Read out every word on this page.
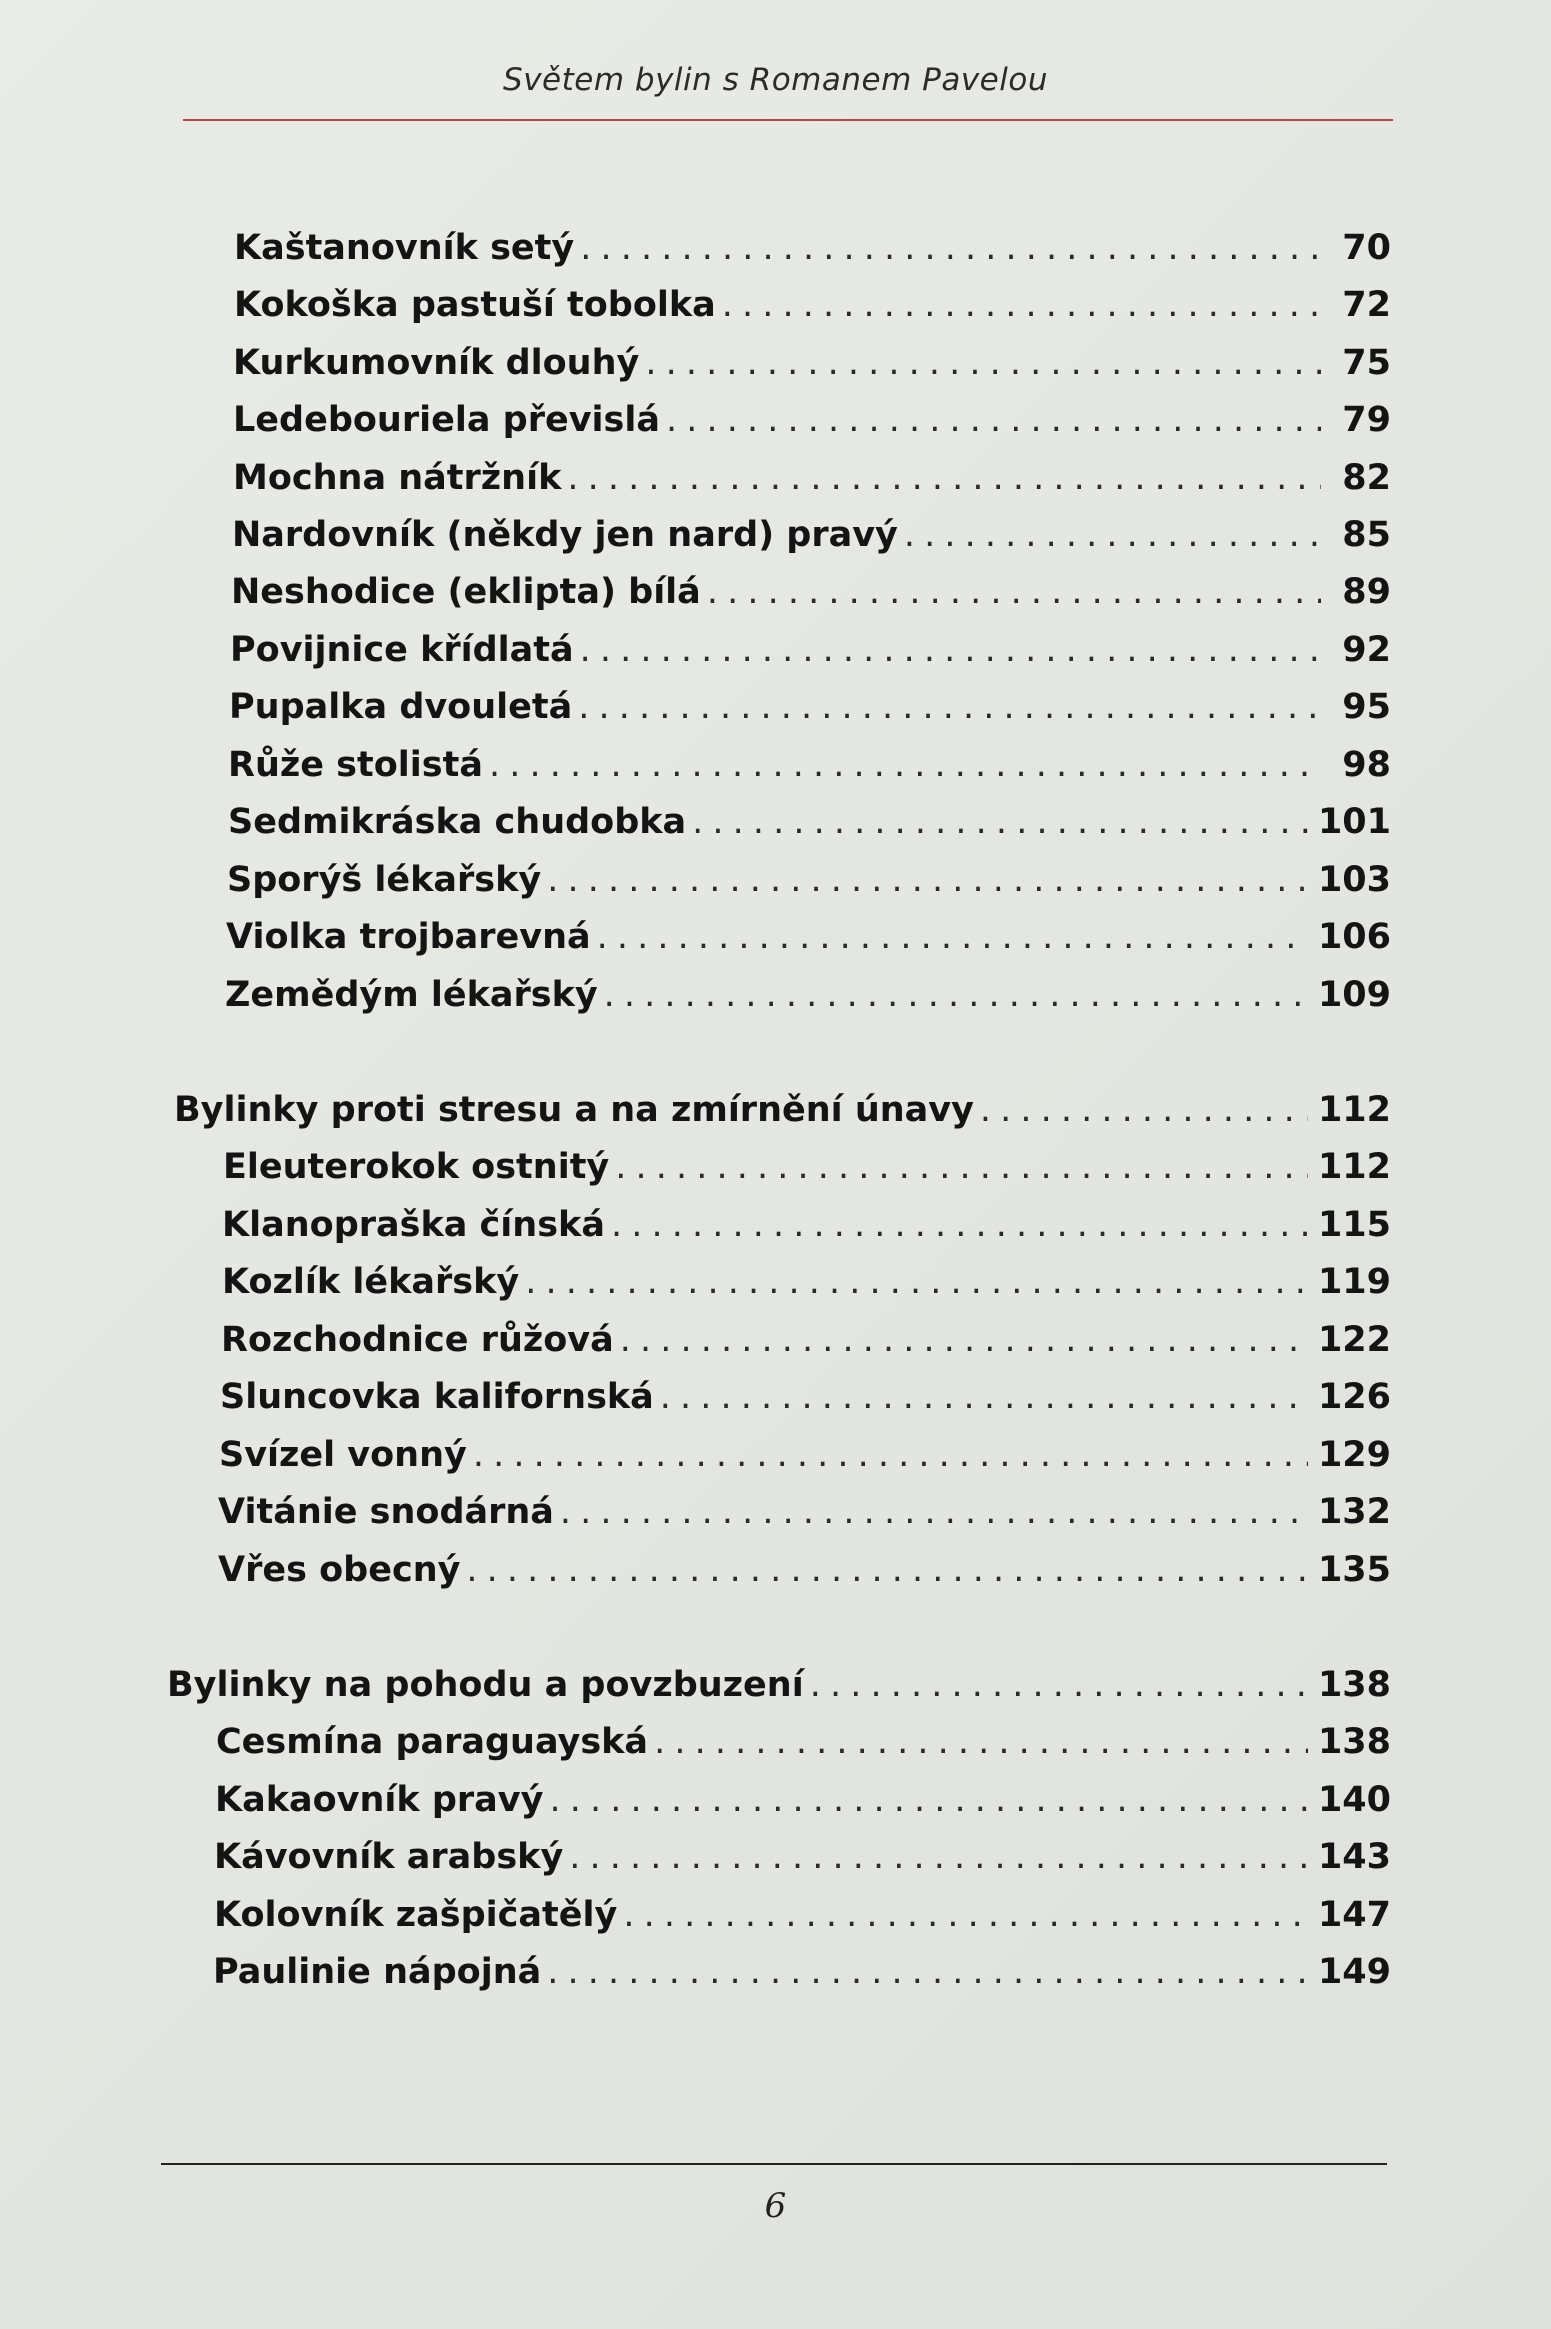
Světem bylin s Romanem Pavelou
Kaštanovník setý . . .	70
Kokoška pastuší tobolka . . .	72
Kurkumovník dlouhý . . .	75
Ledebouriela převislá . . .	79
Mochna nátržník . . .	82
Nardovník (někdy jen nard) pravý . . .	85
Neshodice (eklipta) bílá . . .	89
Povijnice křídlatá . . .	92
Pupalka dvouletá . . .	95
Růže stolistá . . .	98
Sedmikráska chudobka . . .	101
Sporýš lékařský . . .	103
Violka trojbarevná . . .	106
Zemědým lékařský . . .	109
Bylinky proti stresu a na zmírnění únavy . . .	112
Eleuterokok ostnitý . . .	112
Klanopraška čínská . . .	115
Kozlík lékařský . . .	119
Rozchodnice růžová . . .	122
Sluncovka kalifornská . . .	126
Svízel vonný . . .	129
Vitánie snodárná . . .	132
Vřes obecný . . .	135
Bylinky na pohodu a povzbuzení . . .	138
Cesmína paraguayská . . .	138
Kakaovník pravý . . .	140
Kávovník arabský . . .	143
Kolovník zašpičatělý . . .	147
Paulinie nápojná . . .	149
6
